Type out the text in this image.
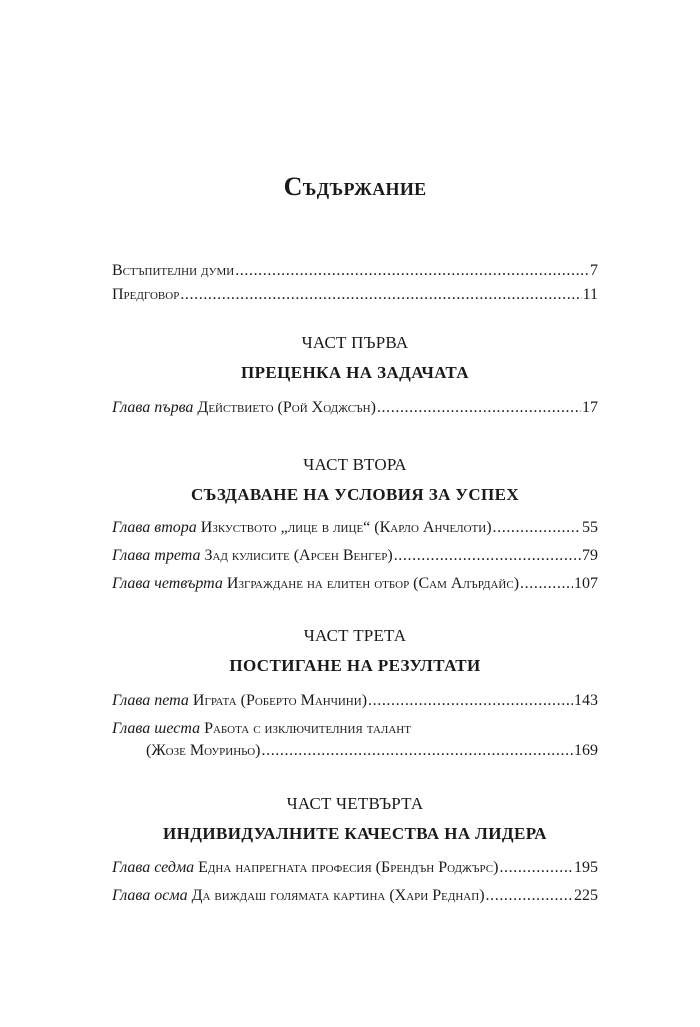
Съдържание
Встъпителни думи .....	7
Предговор .....	11
ЧАСТ ПЪРВА
ПРЕЦЕНКА НА ЗАДАЧАТА
Глава първа Действието (Рой Ходжсън) .....	17
ЧАСТ ВТОРА
СЪЗДАВАНЕ НА УСЛОВИЯ ЗА УСПЕХ
Глава втора Изкуството „лице в лице“ (Карло Анчелоти) .....	55
Глава трета Зад кулисите (Арсен Венгер) .....	79
Глава четвърта Изграждане на елитен отбор (Сам Алърдайс) .....	107
ЧАСТ ТРЕТА
ПОСТИГАНЕ НА РЕЗУЛТАТИ
Глава пета Играта (Роберто Манчини) .....	143
Глава шеста Работа с изключителния талант
(Жозе Моуриньо) .....	169
ЧАСТ ЧЕТВЪРТА
ИНДИВИДУАЛНИТЕ КАЧЕСТВА НА ЛИДЕРА
Глава седма Една напрегната професия (Брендън Роджърс) .....	195
Глава осма Да виждаш голямата картина (Хари Реднап) .....	225
